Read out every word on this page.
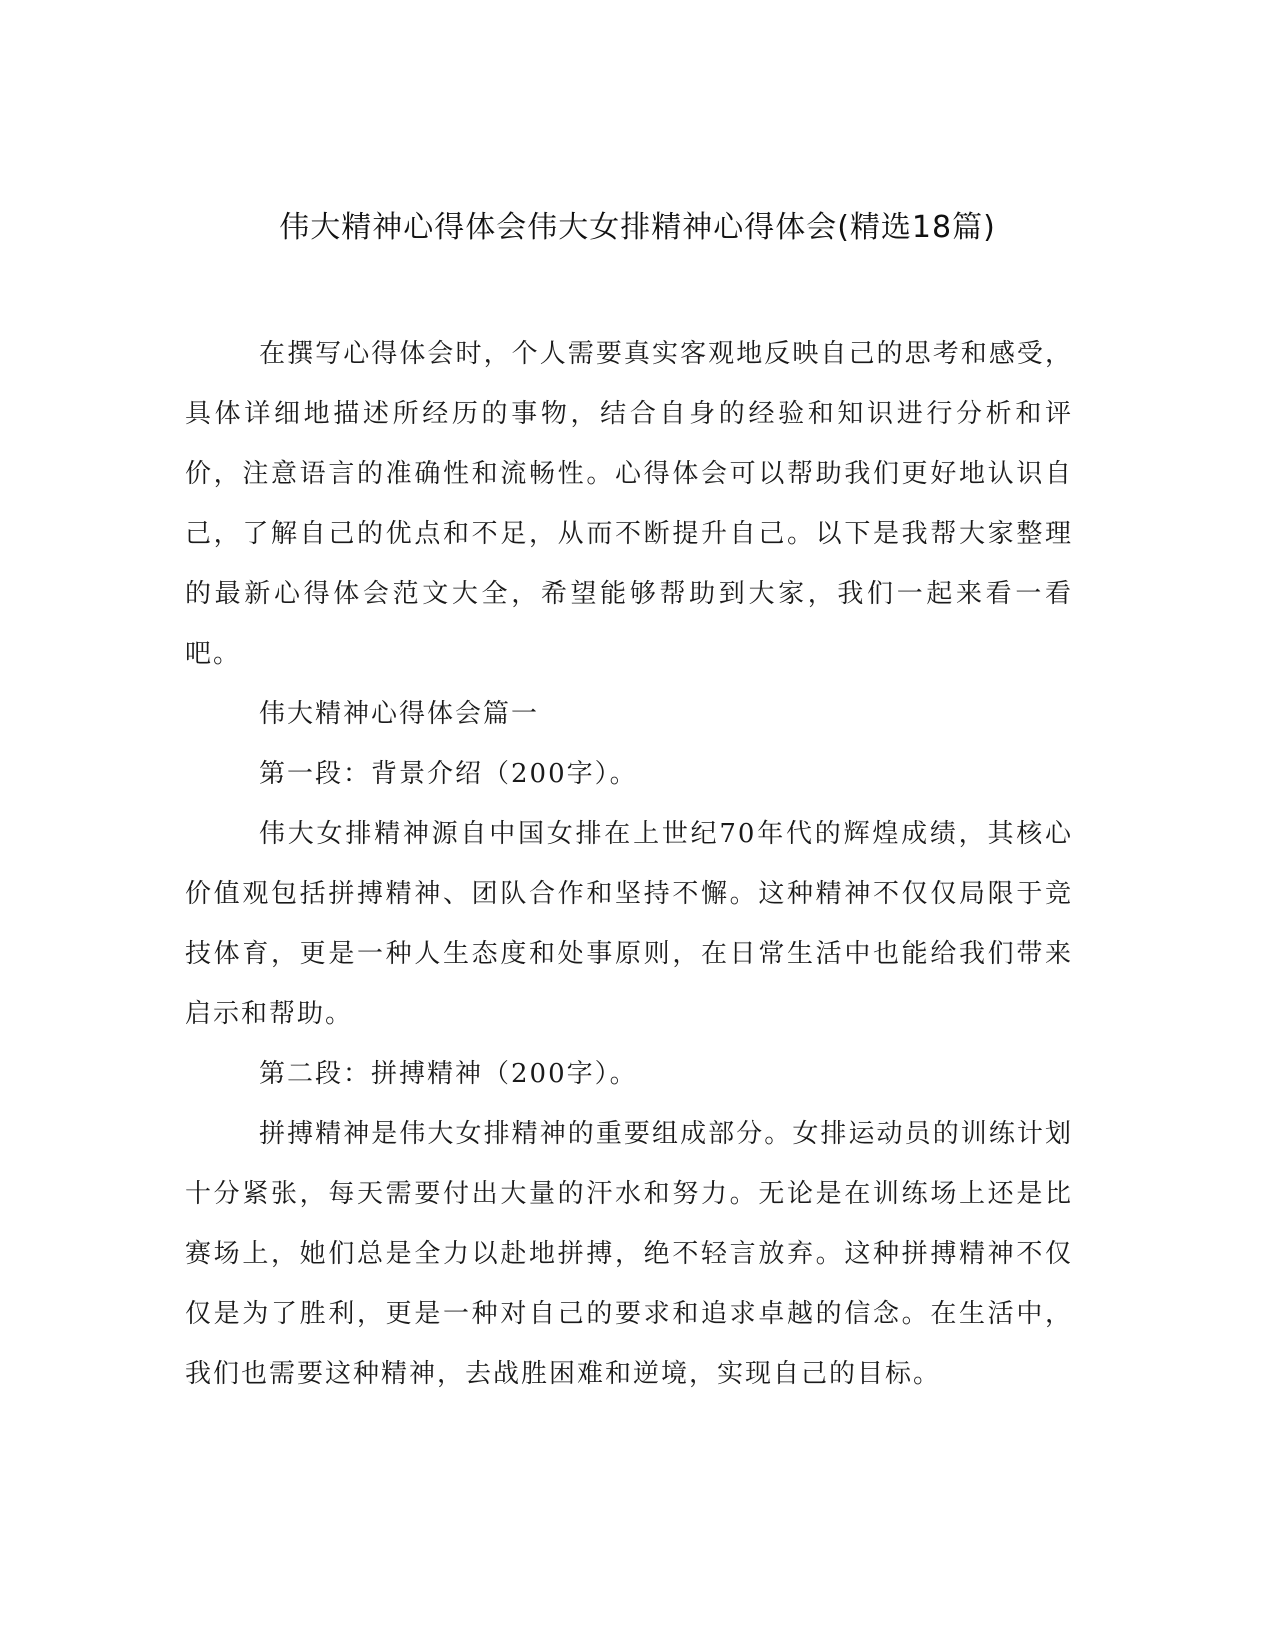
伟大精神心得体会伟大女排精神心得体会(精选18篇)

在撰写心得体会时，个人需要真实客观地反映自己的思考和感受，具体详细地描述所经历的事物，结合自身的经验和知识进行分析和评价，注意语言的准确性和流畅性。心得体会可以帮助我们更好地认识自己，了解自己的优点和不足，从而不断提升自己。以下是我帮大家整理的最新心得体会范文大全，希望能够帮助到大家，我们一起来看一看吧。

伟大精神心得体会篇一

第一段：背景介绍（200字）。

伟大女排精神源自中国女排在上世纪70年代的辉煌成绩，其核心价值观包括拼搏精神、团队合作和坚持不懈。这种精神不仅仅局限于竞技体育，更是一种人生态度和处事原则，在日常生活中也能给我们带来启示和帮助。

第二段：拼搏精神（200字）。

拼搏精神是伟大女排精神的重要组成部分。女排运动员的训练计划十分紧张，每天需要付出大量的汗水和努力。无论是在训练场上还是比赛场上，她们总是全力以赴地拼搏，绝不轻言放弃。这种拼搏精神不仅仅是为了胜利，更是一种对自己的要求和追求卓越的信念。在生活中，我们也需要这种精神，去战胜困难和逆境，实现自己的目标。
